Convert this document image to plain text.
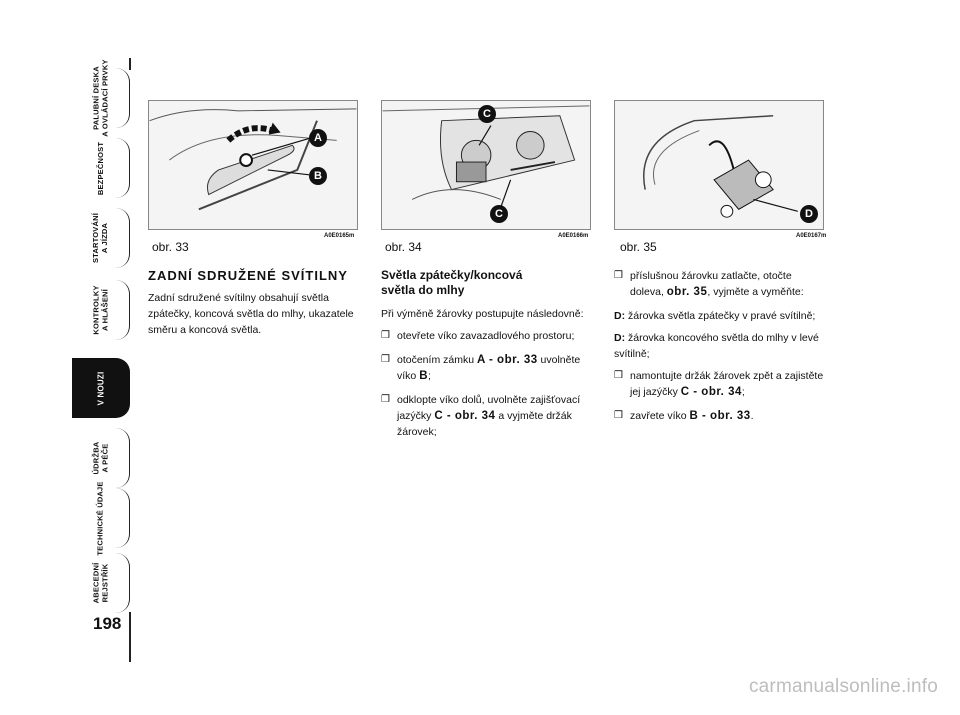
PALUBNÍ DESKA
A OVLÁDACÍ PRVKY
BEZPEČNOST
STARTOVÁNÍ
A JÍZDA
KONTROLKY
A HLÁŠENÍ
V NOUZI
ÚDRŽBA
A PÉČE
TECHNICKÉ ÚDAJE
ABECEDNÍ
REJSTŘÍK
198
A
B
A0E0165m
obr. 33
C
C
A0E0166m
obr. 34
D
A0E0167m
obr. 35
ZADNÍ SDRUŽENÉ SVÍTILNY

Zadní sdružené svítilny obsahují světla zpátečky, koncová světla do mlhy, ukazatele směru a koncová světla.

Světla zpátečky/koncová
světla do mlhy

Při výměně žárovky postupujte následovně:

❒ otevřete víko zavazadlového prostoru;
❒ otočením zámku A - obr. 33 uvolněte víko B;
❒ odklopte víko dolů, uvolněte zajišťovací jazýčky C - obr. 34 a vyjměte držák žárovek;
❒ příslušnou žárovku zatlačte, otočte doleva, obr. 35, vyjměte a vyměňte:

D: žárovka světla zpátečky v pravé svítilně;

D: žárovka koncového světla do mlhy v levé svítilně;

❒ namontujte držák žárovek zpět a zajistěte jej jazýčky C - obr. 34;
❒ zavřete víko B - obr. 33.
carmanualsonline.info
